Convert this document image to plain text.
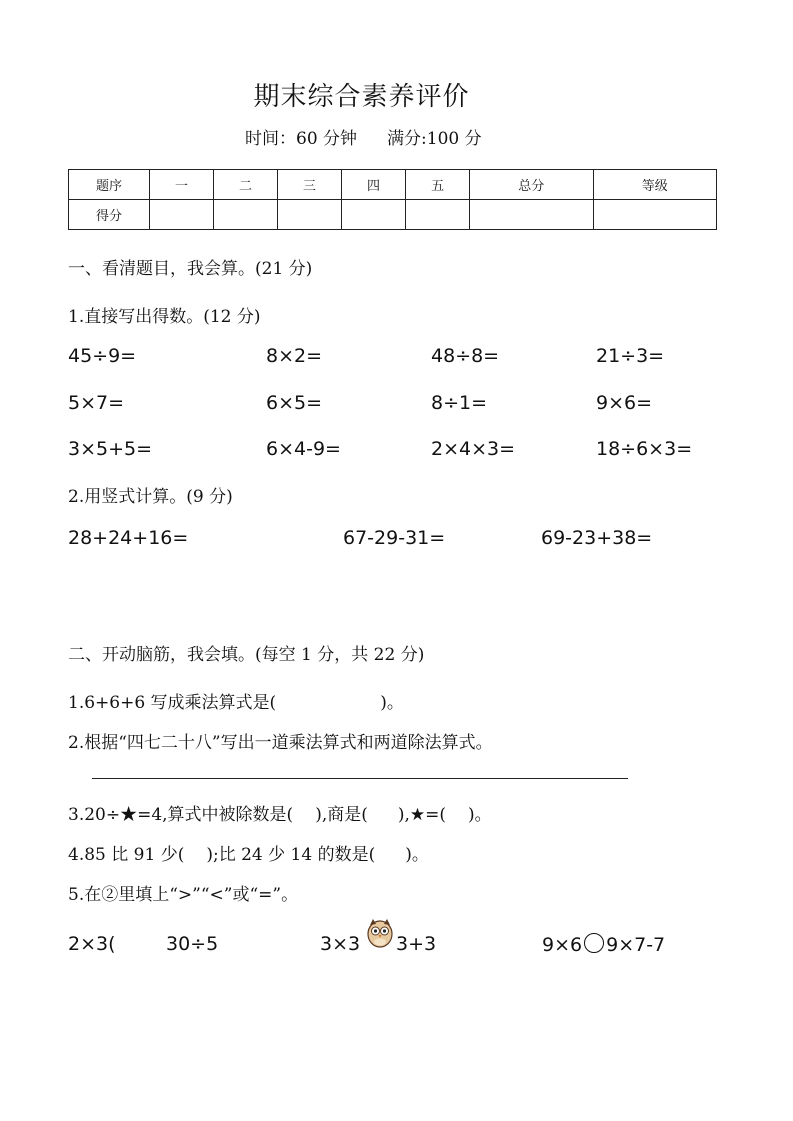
期末综合素养评价
时间：60 分钟 满分:100 分
题序	一	二	三	四	五	总分	等级
得分							
一、看清题目，我会算。(21 分)
1.直接写出得数。(12 分)
45÷9=	8×2=	48÷8=	21÷3=
5×7=	6×5=	8÷1=	9×6=
3×5+5=	6×4-9=	2×4×3=	18÷6×3=
2.用竖式计算。(9 分)
28+24+16=	67-29-31=	69-23+38=
二、开动脑筋，我会填。(每空 1 分，共 22 分)
1.6+6+6 写成乘法算式是(	)。
2.根据“四七二十八”写出一道乘法算式和两道除法算式。
3.20÷★=4,算式中被除数是( ),商是( ),★=( )。
4.85 比 91 少( );比 24 少 14 的数是( )。
5.在②里填上“>”“<”或“=”。
2×3(	30÷5	3×3 3+3	9×6 9×7-7
